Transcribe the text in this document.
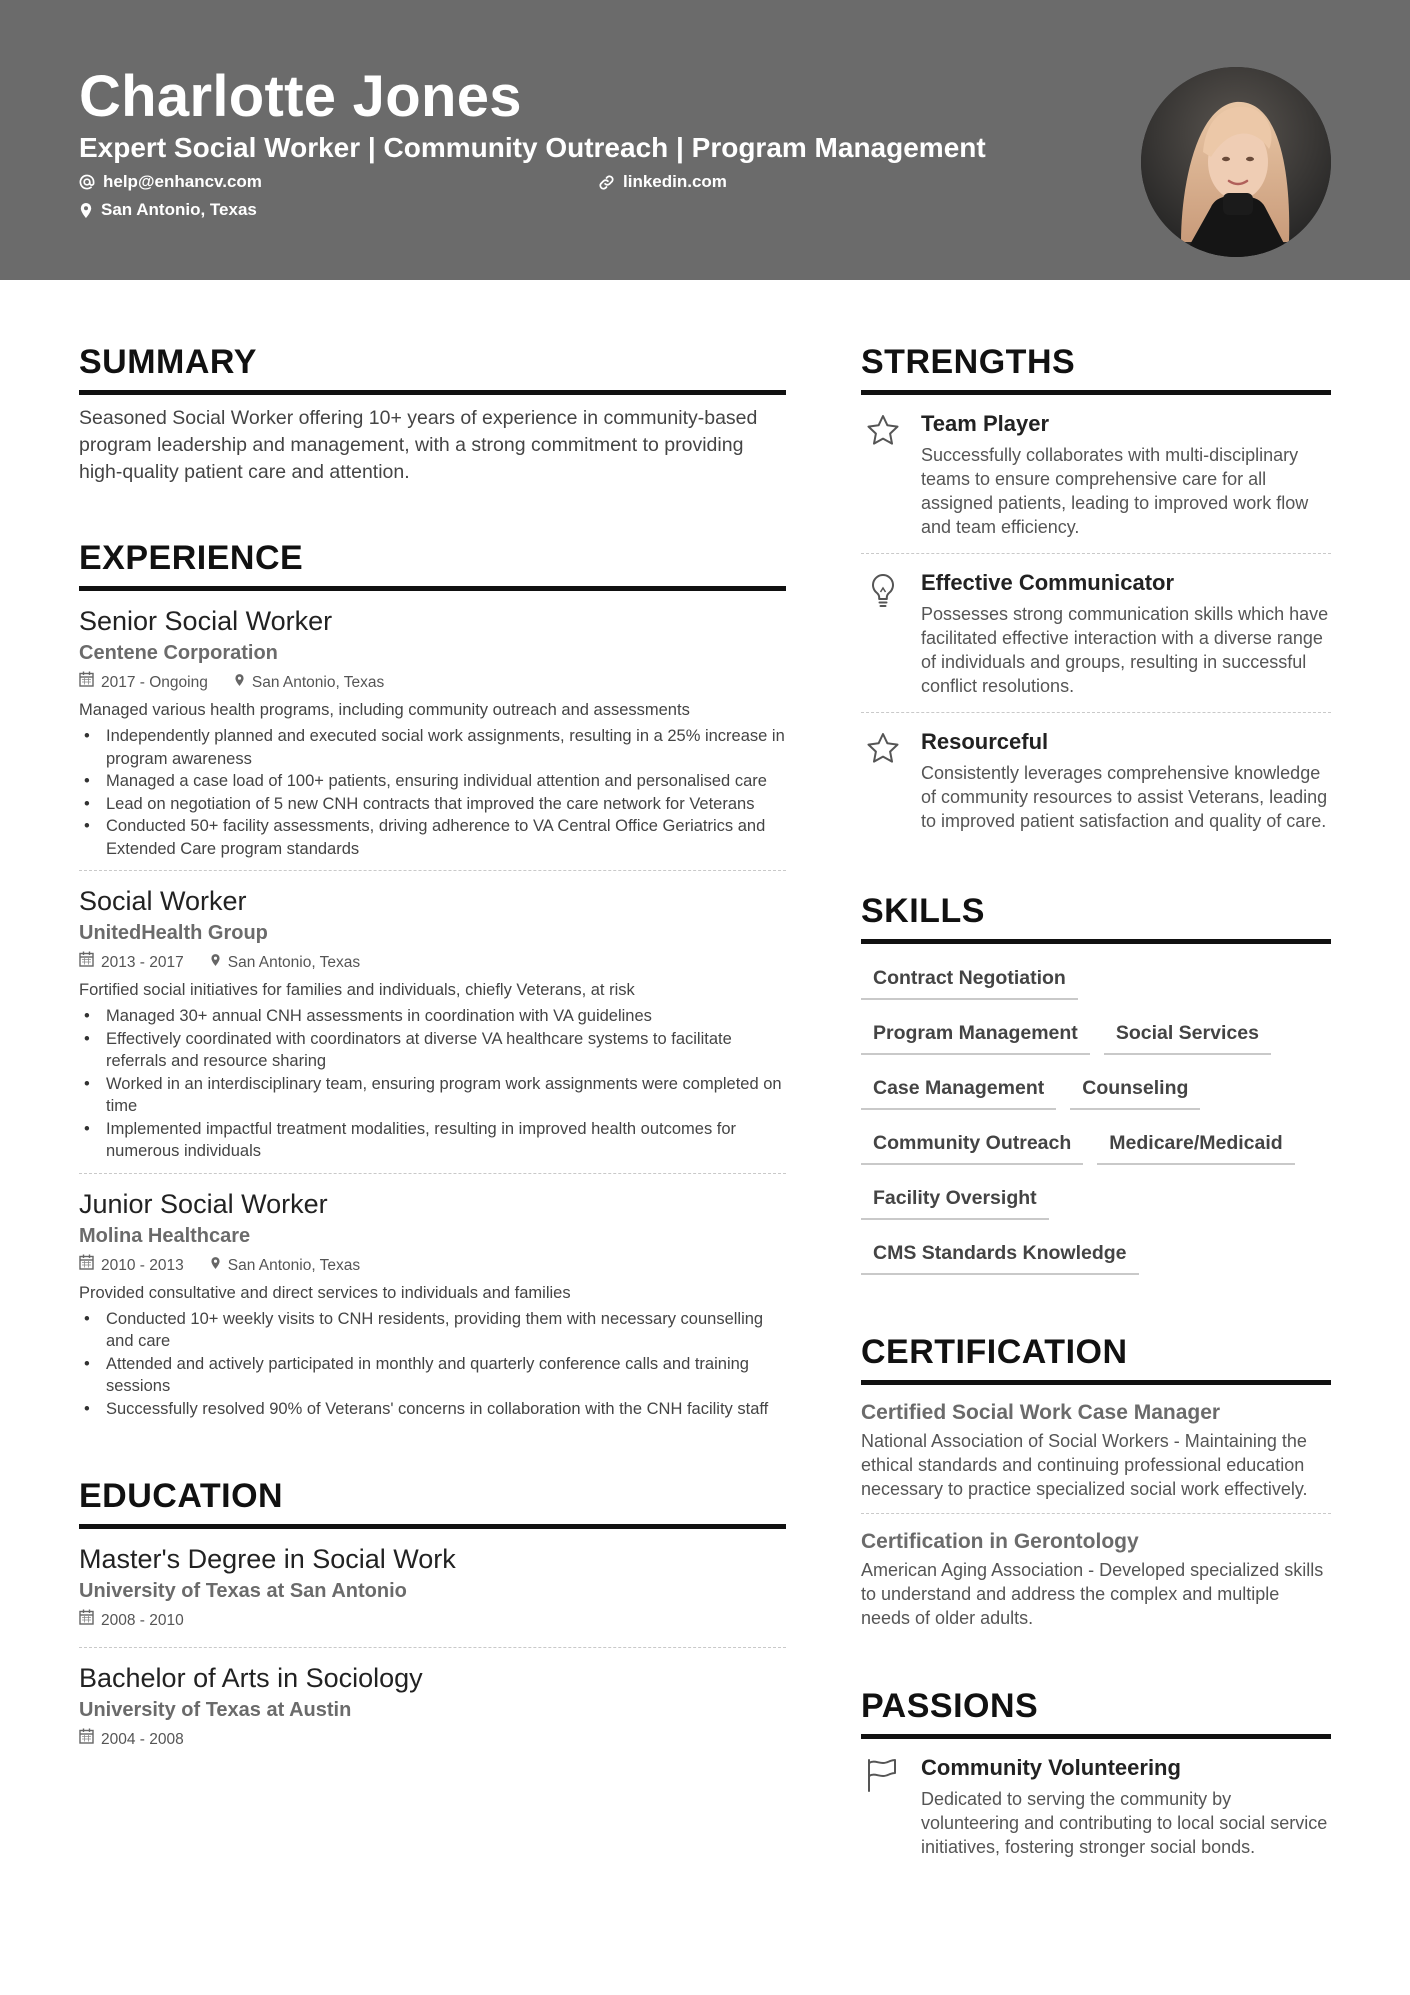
Charlotte Jones
Expert Social Worker | Community Outreach | Program Management
help@enhancv.com	linkedin.com
San Antonio, Texas
SUMMARY
Seasoned Social Worker offering 10+ years of experience in community-based program leadership and management, with a strong commitment to providing high-quality patient care and attention.
EXPERIENCE
Senior Social Worker
Centene Corporation
2017 - Ongoing	San Antonio, Texas
Managed various health programs, including community outreach and assessments
• Independently planned and executed social work assignments, resulting in a 25% increase in program awareness
• Managed a case load of 100+ patients, ensuring individual attention and personalised care
• Lead on negotiation of 5 new CNH contracts that improved the care network for Veterans
• Conducted 50+ facility assessments, driving adherence to VA Central Office Geriatrics and Extended Care program standards
Social Worker
UnitedHealth Group
2013 - 2017	San Antonio, Texas
Fortified social initiatives for families and individuals, chiefly Veterans, at risk
• Managed 30+ annual CNH assessments in coordination with VA guidelines
• Effectively coordinated with coordinators at diverse VA healthcare systems to facilitate referrals and resource sharing
• Worked in an interdisciplinary team, ensuring program work assignments were completed on time
• Implemented impactful treatment modalities, resulting in improved health outcomes for numerous individuals
Junior Social Worker
Molina Healthcare
2010 - 2013	San Antonio, Texas
Provided consultative and direct services to individuals and families
• Conducted 10+ weekly visits to CNH residents, providing them with necessary counselling and care
• Attended and actively participated in monthly and quarterly conference calls and training sessions
• Successfully resolved 90% of Veterans' concerns in collaboration with the CNH facility staff
EDUCATION
Master's Degree in Social Work
University of Texas at San Antonio
2008 - 2010
Bachelor of Arts in Sociology
University of Texas at Austin
2004 - 2008
STRENGTHS
Team Player
Successfully collaborates with multi-disciplinary teams to ensure comprehensive care for all assigned patients, leading to improved work flow and team efficiency.
Effective Communicator
Possesses strong communication skills which have facilitated effective interaction with a diverse range of individuals and groups, resulting in successful conflict resolutions.
Resourceful
Consistently leverages comprehensive knowledge of community resources to assist Veterans, leading to improved patient satisfaction and quality of care.
SKILLS
Contract Negotiation
Program Management	Social Services
Case Management	Counseling
Community Outreach	Medicare/Medicaid
Facility Oversight
CMS Standards Knowledge
CERTIFICATION
Certified Social Work Case Manager
National Association of Social Workers - Maintaining the ethical standards and continuing professional education necessary to practice specialized social work effectively.
Certification in Gerontology
American Aging Association - Developed specialized skills to understand and address the complex and multiple needs of older adults.
PASSIONS
Community Volunteering
Dedicated to serving the community by volunteering and contributing to local social service initiatives, fostering stronger social bonds.
